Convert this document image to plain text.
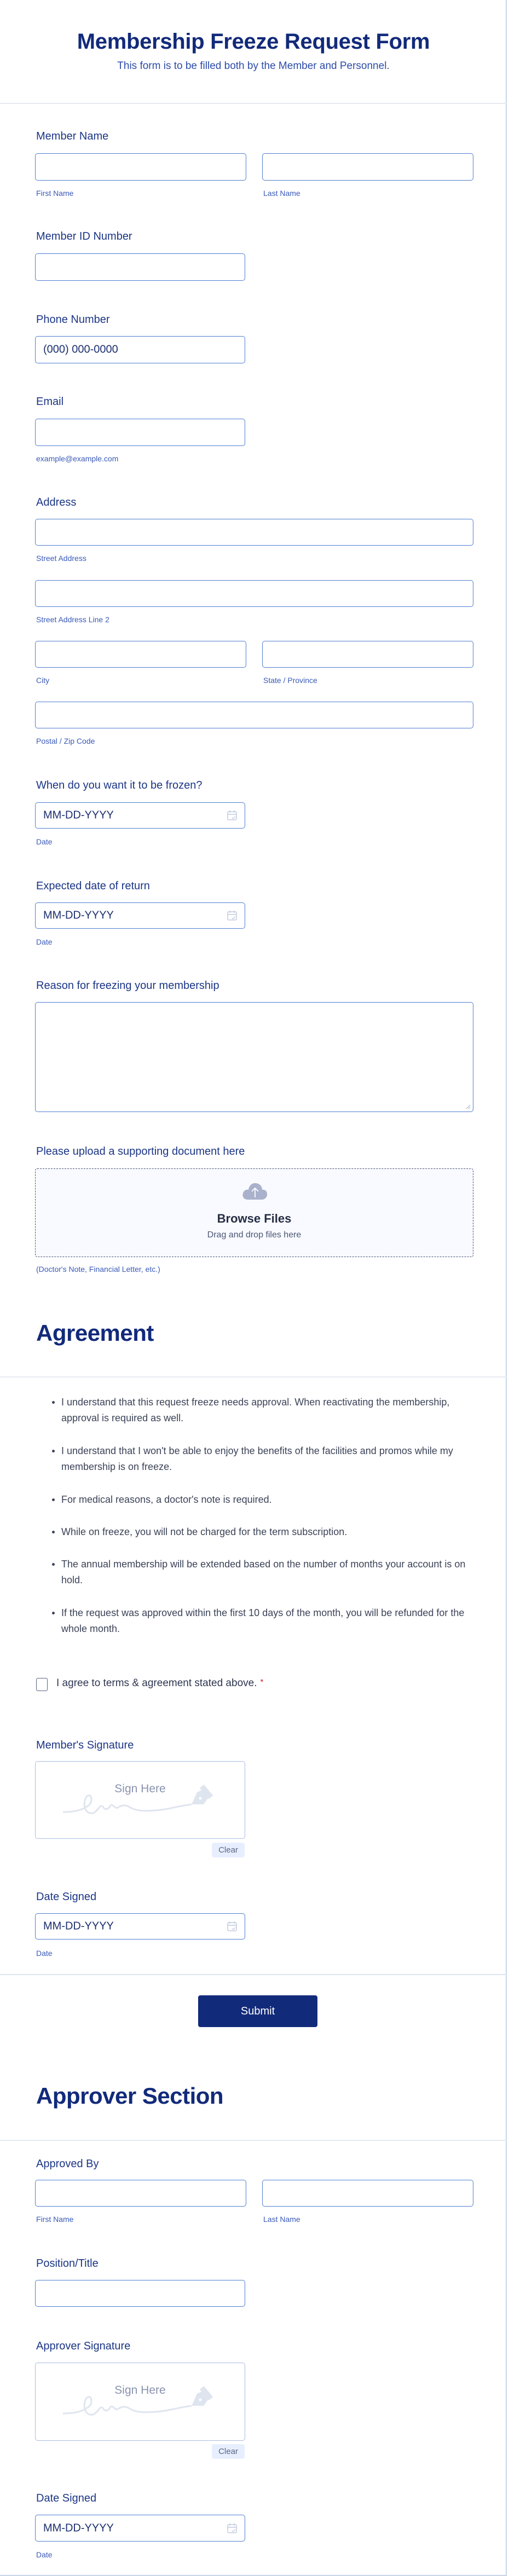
Membership Freeze Request Form
This form is to be filled both by the Member and Personnel.
Member Name
First Name	Last Name
Member ID Number
Phone Number
(000) 000-0000
Email
example@example.com
Address
Street Address
Street Address Line 2
City	State / Province
Postal / Zip Code
When do you want it to be frozen?
MM-DD-YYYY
Date
Expected date of return
MM-DD-YYYY
Date
Reason for freezing your membership
Please upload a supporting document here
Browse Files
Drag and drop files here
(Doctor's Note, Financial Letter, etc.)
Agreement
I understand that this request freeze needs approval. When reactivating the membership, approval is required as well.
I understand that I won't be able to enjoy the benefits of the facilities and promos while my membership is on freeze.
For medical reasons, a doctor's note is required.
While on freeze, you will not be charged for the term subscription.
The annual membership will be extended based on the number of months your account is on hold.
If the request was approved within the first 10 days of the month, you will be refunded for the whole month.
I agree to terms & agreement stated above. *
Member's Signature
Sign Here
Clear
Date Signed
MM-DD-YYYY
Date
Submit
Approver Section
Approved By
First Name	Last Name
Position/Title
Approver Signature
Sign Here
Clear
Date Signed
MM-DD-YYYY
Date
